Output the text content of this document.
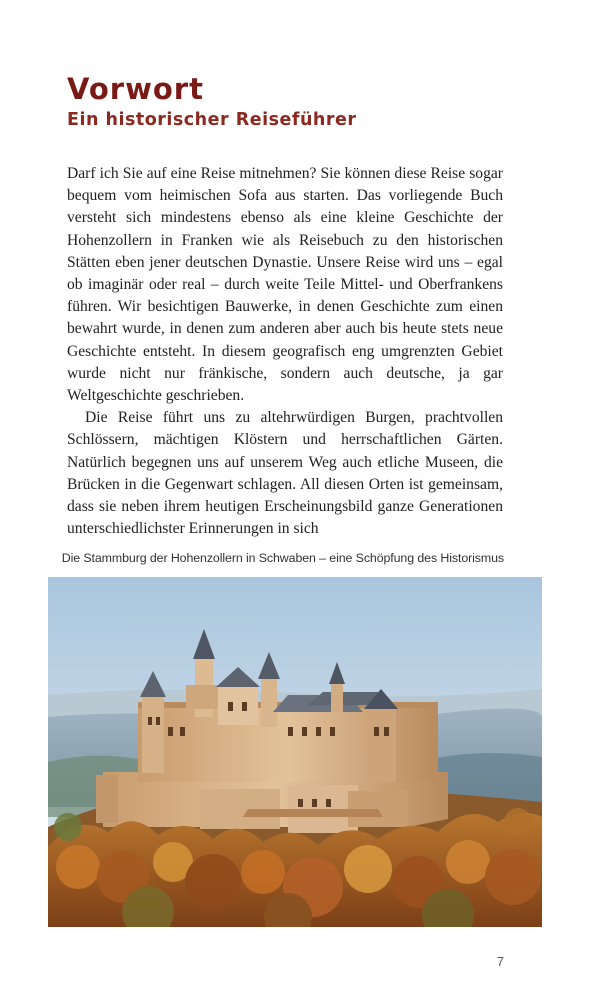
Vorwort
Ein historischer Reiseführer

Darf ich Sie auf eine Reise mitnehmen? Sie können diese Reise sogar bequem vom heimischen Sofa aus starten. Das vorliegende Buch versteht sich mindestens ebenso als eine kleine Geschichte der Hohenzollern in Franken wie als Reisebuch zu den historischen Stätten eben jener deutschen Dynastie. Unsere Reise wird uns – egal ob imaginär oder real – durch weite Teile Mittel- und Oberfrankens führen. Wir besichtigen Bauwerke, in denen Geschichte zum einen bewahrt wurde, in denen zum anderen aber auch bis heute stets neue Geschichte entsteht. In diesem geografisch eng umgrenzten Gebiet wurde nicht nur fränkische, sondern auch deutsche, ja gar Weltgeschichte geschrieben.

Die Reise führt uns zu altehrwürdigen Burgen, prachtvollen Schlössern, mächtigen Klöstern und herrschaftlichen Gärten. Natürlich begegnen uns auf unserem Weg auch etliche Museen, die Brücken in die Gegenwart schlagen. All diesen Orten ist gemeinsam, dass sie neben ihrem heutigen Erscheinungsbild ganze Generationen unterschiedlichster Erinnerungen in sich

Die Stammburg der Hohenzollern in Schwaben – eine Schöpfung des Historismus
7
